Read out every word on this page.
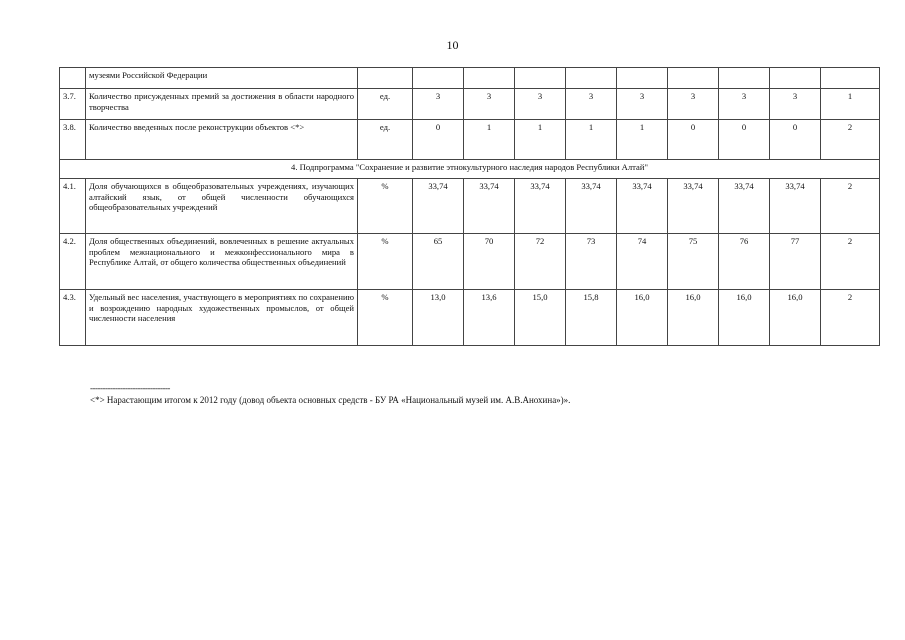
10
	музеями Российской Федерации										
3.7.	Количество присужденных премий за достижения в области народного творчества	ед.	3	3	3	3	3	3	3	3	1
3.8.	Количество введенных после реконструкции объектов <*>	ед.	0	1	1	1	1	0	0	0	2
4. Подпрограмма "Сохранение и развитие этнокультурного наследия народов Республики Алтай"											
4.1.	Доля обучающихся в общеобразовательных учреждениях, изучающих алтайский язык, от общей численности обучающихся общеобразовательных учреждений	%	33,74	33,74	33,74	33,74	33,74	33,74	33,74	33,74	2
4.2.	Доля общественных объединений, вовлеченных в решение актуальных проблем межнационального и межконфессионального мира в Республике Алтай, от общего количества общественных объединений	%	65	70	72	73	74	75	76	77	2
4.3.	Удельный вес населения, участвующего в мероприятиях по сохранению и возрождению народных художественных промыслов, от общей численности населения	%	13,0	13,6	15,0	15,8	16,0	16,0	16,0	16,0	2
--------------------------------
<*> Нарастающим итогом к 2012 году (довод объекта основных средств - БУ РА «Национальный музей им. А.В.Анохина»)».
